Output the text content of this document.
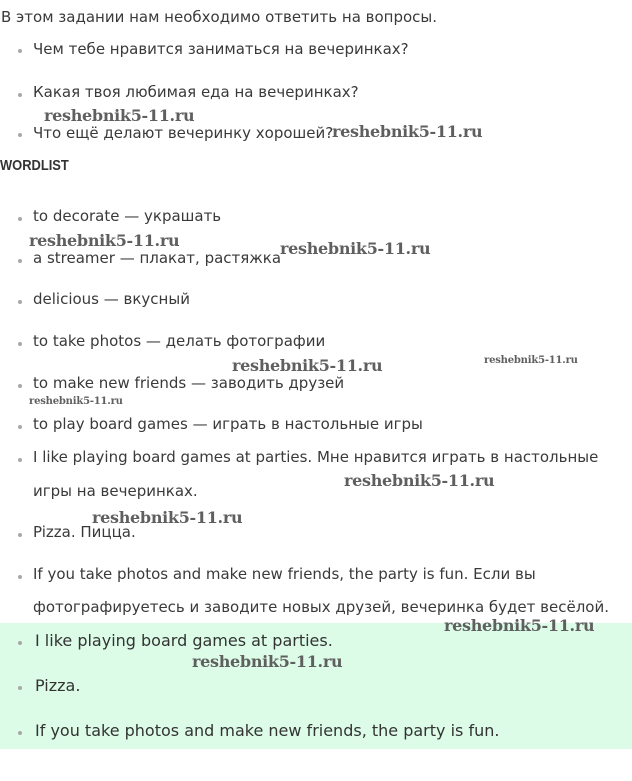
В этом задании нам необходимо ответить на вопросы.
Чем тебе нравится заниматься на вечеринках?
Какая твоя любимая еда на вечеринках?
Что ещё делают вечеринку хорошей?
WORDLIST
to decorate — украшать
a streamer — плакат, растяжка
delicious — вкусный
to take photos — делать фотографии
to make new friends — заводить друзей
to play board games — играть в настольные игры
I like playing board games at parties. Мне нравится играть в настольные
игры на вечеринках.
Pizza. Пицца.
If you take photos and make new friends, the party is fun. Если вы
фотографируетесь и заводите новых друзей, вечеринка будет весёлой.
I like playing board games at parties.
Pizza.
If you take photos and make new friends, the party is fun.
reshebnik5-11.ru
reshebnik5-11.ru
reshebnik5-11.ru	reshebnik5-11.ru
reshebnik5-11.ru	reshebnik5-11.ru
reshebnik5-11.ru
reshebnik5-11.ru
reshebnik5-11.ru
reshebnik5-11.ru
reshebnik5-11.ru
